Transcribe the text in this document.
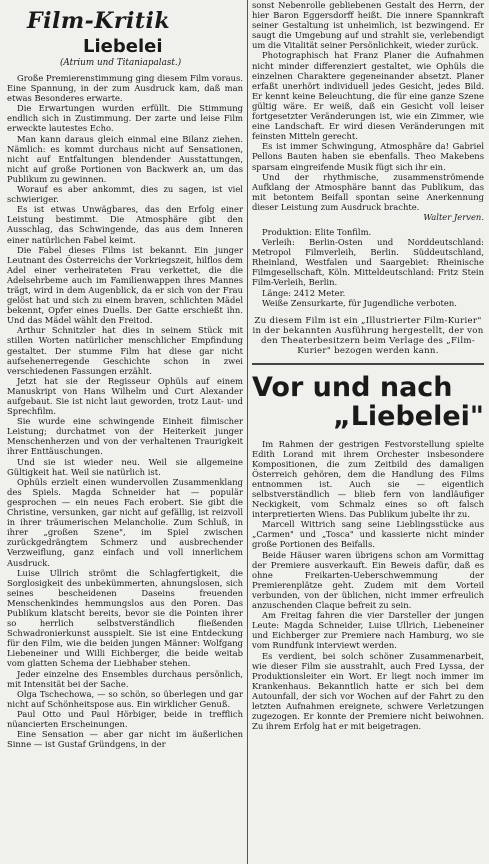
Film-Kritik
Liebelei
(Atrium und Titaniapalast.)

Große Premierenstimmung ging diesem Film voraus. Eine Spannung, in der zum Ausdruck kam, daß man etwas Besonderes erwarte.

Die Erwartungen wurden erfüllt. Die Stimmung endlich sich in Zustimmung. Der zarte und leise Film erweckte lautestes Echo.

Man kann daraus gleich einmal eine Bilanz ziehen. Nämlich: es kommt durchaus nicht auf Sensationen, nicht auf Entfaltungen blendender Ausstattungen, nicht auf große Portionen von Backwerk an, um das Publikum zu gewinnen.

Worauf es aber ankommt, dies zu sagen, ist viel schwieriger.

Es ist etwas Unwägbares, das den Erfolg einer Leistung bestimmt. Die Atmosphäre gibt den Ausschlag, das Schwingende, das aus dem Inneren einer natürlichen Fabel keimt.

Die Fabel dieses Films ist bekannt. Ein junger Leutnant des Österreichs der Vorkriegszeit, hilflos dem Adel einer verheirateten Frau verkettet, die die Adelsehrbeme auch im Familienwappen ihres Mannes trägt, wird in dem Augenblick, da er sich von der Frau gelöst hat und sich zu einem braven, schlichten Mädel bekennt, Opfer eines Duells. Der Gatte erschießt ihn. Und das Mädel wählt den Freitod.

Arthur Schnitzler hat dies in seinem Stück mit stillen Worten natürlicher menschlicher Empfindung gestaltet. Der stumme Film hat diese gar nicht aufsehenerregende Geschichte schon in zwei verschiedenen Fassungen erzählt.

Jetzt hat sie der Regisseur Ophüls auf einem Manuskript von Hans Wilhelm und Curt Alexander aufgebaut. Sie ist nicht laut geworden, trotz Laut- und Sprechfilm.

Sie wurde eine schwingende Einheit filmischer Leistung; durchatmet von der Heiterkeit junger Menschenherzen und von der verhaltenen Traurigkeit ihrer Enttäuschungen.

Und sie ist wieder neu. Weil sie allgemeine Gültigkeit hat. Weil sie natürlich ist.

Ophüls erzielt einen wundervollen Zusammenklang des Spiels. Magda Schneider hat — populär gesprochen — ein neues Fach erobert. Sie gibt die Christine, versunken, gar nicht auf gefällig, ist reizvoll in ihrer träumerischen Melancholie. Zum Schluß, in ihrer „großen Szene", im Spiel zwischen zurückgedrängtem Schmerz und ausbrechender Verzweiflung, ganz einfach und voll innerlichem Ausdruck.

Luise Ullrich strömt die Schlagfertigkeit, die Sorglosigkeit des unbekümmerten, ahnungslosen, sich seines bescheidenen Daseins freuenden Menschenkindes hemmungslos aus den Poren. Das Publikum klatscht bereits, bevor sie die Pointen ihrer so herrlich selbstverständlich fließenden Schwadronierkunst ausspielt. Sie ist eine Entdeckung für den Film, wie die beiden jungen Männer: Wolfgang Liebeneiner und Willi Eichberger, die beide weitab vom glatten Schema der Liebhaber stehen.

Jeder einzelne des Ensembles durchaus persönlich, mit Intensität bei der Sache.

Olga Tschechowa, — so schön, so überlegen und gar nicht auf Schönheitspose aus. Ein wirklicher Genuß.

Paul Otto und Paul Hörbiger, beide in trefflich nüancierten Erscheinungen.

Eine Sensation — aber gar nicht im äußerlichen Sinne — ist Gustaf Gründgens, in der

sonst Nebenrolle gebliebenen Gestalt des Herrn, der hier Baron Eggersdorff heißt. Die innere Spannkraft seiner Gestaltung ist unheimlich, ist bezwingend. Er saugt die Umgebung auf und strahlt sie, verlebendigt um die Vitalität seiner Persönlichkeit, wieder zurück.

Photographisch hat Franz Planer die Aufnahmen nicht minder differenziert gestaltet, wie Ophüls die einzelnen Charaktere gegeneinander absetzt. Planer erfaßt unerhört individuell jedes Gesicht, jedes Bild. Er kennt keine Beleuchtung, die für eine ganze Szene gültig wäre. Er weiß, daß ein Gesicht voll leiser fortgesetzter Veränderungen ist, wie ein Zimmer, wie eine Landschaft. Er wird diesen Veränderungen mit feinsten Mitteln gerecht.

Es ist immer Schwingung, Atmosphäre da! Gabriel Pellons Bauten haben sie ebenfalls. Theo Makebens sparsam eingreifende Musik fügt sich ihr ein.

Und der rhythmische, zusammenströmende Aufklang der Atmosphäre bannt das Publikum, das mit betontem Beifall spontan seine Anerkennung dieser Leistung zum Ausdruck brachte.

Walter Jerven.

Produktion: Elite Tonfilm.

Verleih: Berlin-Osten und Norddeutschland: Metropol Filmverleih, Berlin. Süddeutschland, Rheinland, Westfalen und Saargebiet: Rheinische Filmgesellschaft, Köln. Mitteldeutschland: Fritz Stein Film-Verleih, Berlin.

Länge: 2412 Meter.

Weiße Zensurkarte, für Jugendliche verboten.

Zu diesem Film ist ein „Illustrierter Film-Kurier" in der bekannten Ausführung hergestellt, der von den Theaterbesitzern beim Verlage des „Film-Kurier" bezogen werden kann.
Vor und nach
„Liebelei"

Im Rahmen der gestrigen Festvorstellung spielte Edith Lorand mit ihrem Orchester insbesondere Kompositionen, die zum Zeitbild des damaligen Österreich gehören, dem die Handlung des Films entnommen ist. Auch sie — eigentlich selbstverständlich — blieb fern von landläufiger Neckigkeit, vom Schmalz eines so oft falsch interpretierten Wiens. Das Publikum jubelte ihr zu.

Marcell Wittrich sang seine Lieblingsstücke aus „Carmen" und „Tosca" und kassierte nicht minder große Portionen des Beifalls.

Beide Häuser waren übrigens schon am Vormittag der Premiere ausverkauft. Ein Beweis dafür, daß es ohne Freikarten-Ueberschwemmung der Premierenplätze geht. Zudem mit dem Vorteil verbunden, von der üblichen, nicht immer erfreulich anzuschenden Claque befreit zu sein.

Am Freitag fahren die vier Darsteller der jungen Leute: Magda Schneider, Luise Ullrich, Liebeneiner und Eichberger zur Premiere nach Hamburg, wo sie vom Rundfunk interviewt werden.

Es verdient, bei solch schöner Zusammenarbeit, wie dieser Film sie ausstrahlt, auch Fred Lyssa, der Produktionsleiter ein Wort. Er liegt noch immer im Krankenhaus. Bekanntlich hatte er sich bei dem Autounfall, der sich vor Wochen auf der Fahrt zu den letzten Aufnahmen ereignete, schwere Verletzungen zugezogen. Er konnte der Premiere nicht beiwohnen. Zu ihrem Erfolg hat er mit beigetragen.
